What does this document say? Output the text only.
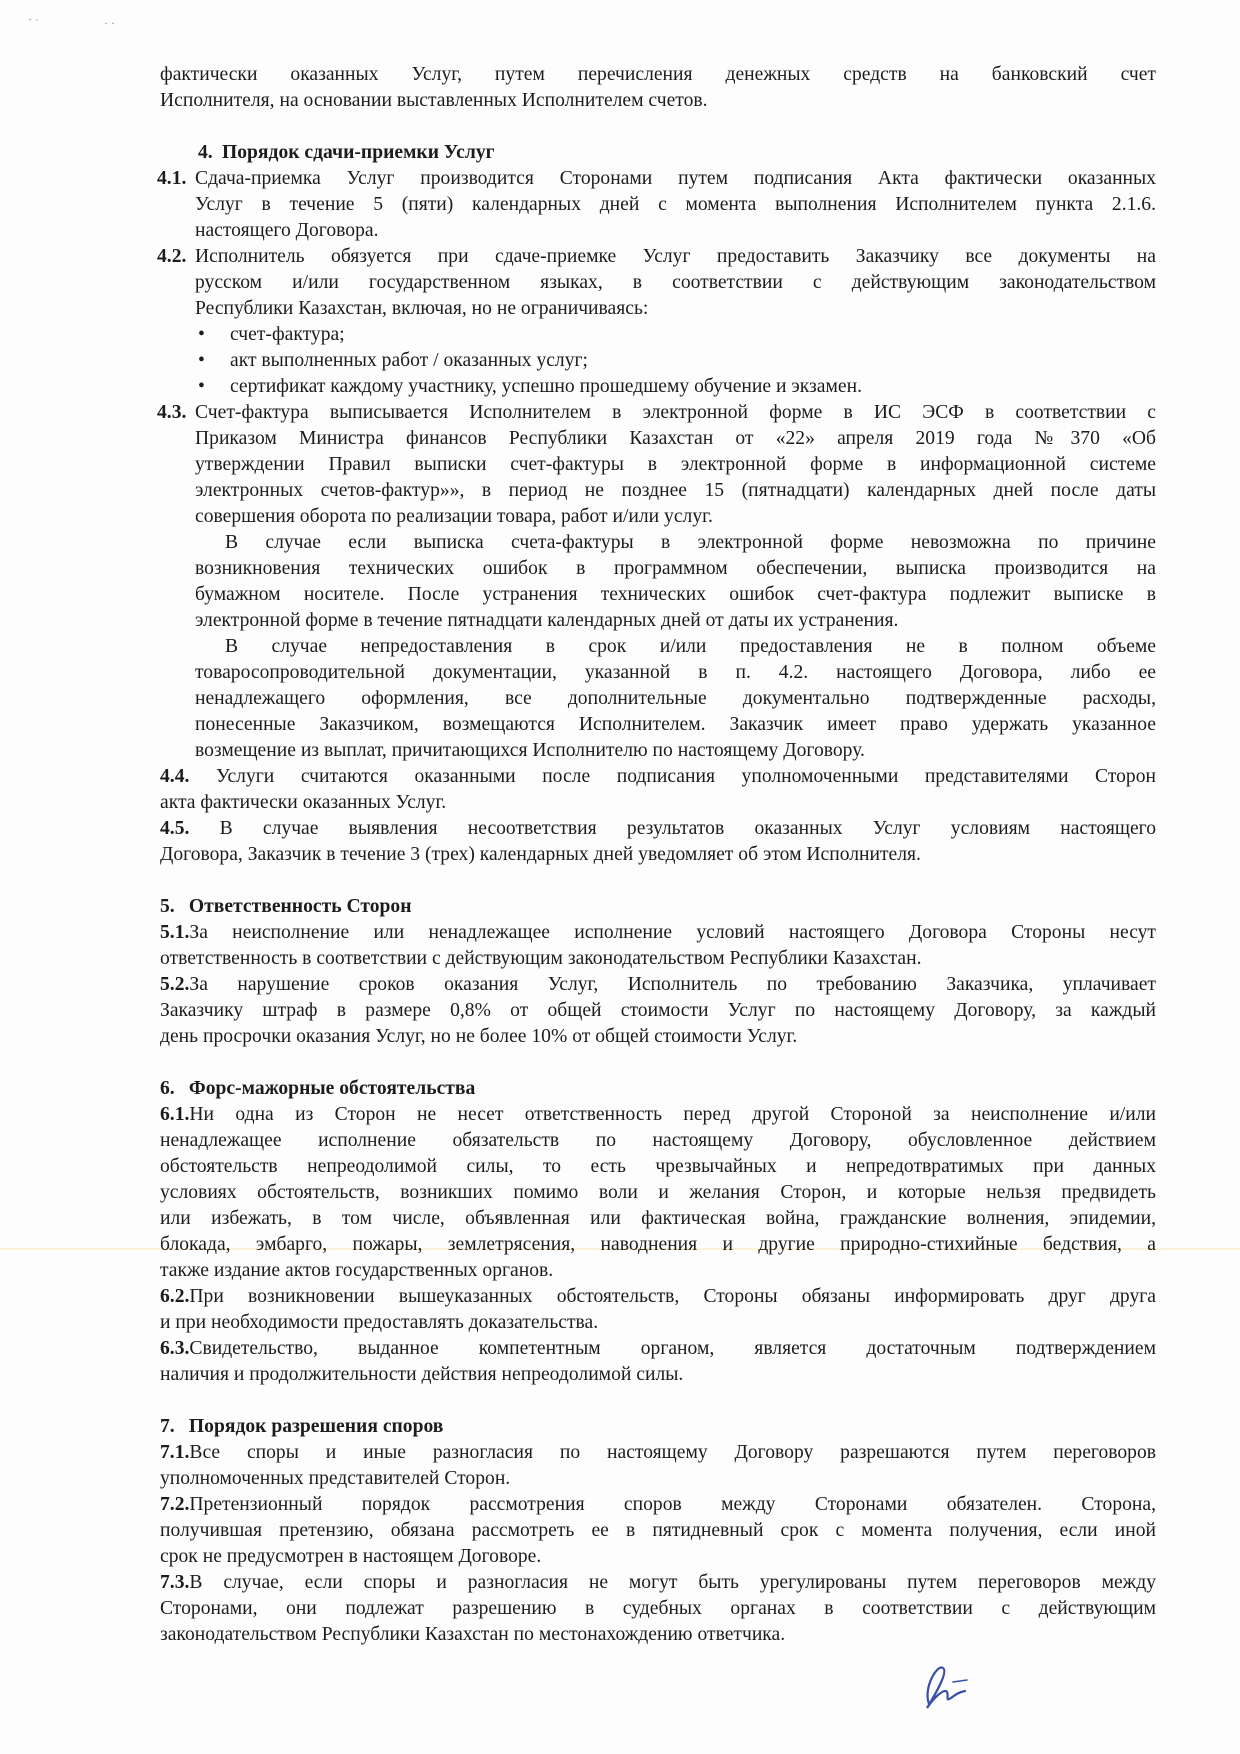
´ ˙	· ·

фактически оказанных Услуг, путем перечисления денежных средств на банковский счет

Исполнителя, на основании выставленных Исполнителем счетов.

4. Порядок сдачи-приемки Услуг

4.1. Сдача-приемка Услуг производится Сторонами путем подписания Акта фактически оказанных

Услуг в течение 5 (пяти) календарных дней с момента выполнения Исполнителем пункта 2.1.6.

настоящего Договора.

4.2. Исполнитель обязуется при сдаче-приемке Услуг предоставить Заказчику все документы на

русском и/или государственном языках, в соответствии с действующим законодательством

Республики Казахстан, включая, но не ограничиваясь:

• счет-фактура;
• акт выполненных работ / оказанных услуг;
• сертификат каждому участнику, успешно прошедшему обучение и экзамен.
4.3. Счет-фактура выписывается Исполнителем в электронной форме в ИС ЭСФ в соответствии с

Приказом Министра финансов Республики Казахстан от «22» апреля 2019 года №370 «Об

утверждении Правил выписки счет-фактуры в электронной форме в информационной системе

электронных счетов-фактур»», в период не позднее 15 (пятнадцати) календарных дней после даты

совершения оборота по реализации товара, работ и/или услуг.

В случае если выписка счета-фактуры в электронной форме невозможна по причине

возникновения технических ошибок в программном обеспечении, выписка производится на

бумажном носителе. После устранения технических ошибок счет-фактура подлежит выписке в

электронной форме в течение пятнадцати календарных дней от даты их устранения.

В случае непредоставления в срок и/или предоставления не в полном объеме

товаросопроводительной документации, указанной в п. 4.2. настоящего Договора, либо ее

ненадлежащего оформления, все дополнительные документально подтвержденные расходы,

понесенные Заказчиком, возмещаются Исполнителем. Заказчик имеет право удержать указанное

возмещение из выплат, причитающихся Исполнителю по настоящему Договору.

4.4. Услуги считаются оказанными после подписания уполномоченными представителями Сторон

акта фактически оказанных Услуг.

4.5. В случае выявления несоответствия результатов оказанных Услуг условиям настоящего

Договора, Заказчик в течение 3 (трех) календарных дней уведомляет об этом Исполнителя.

5. Ответственность Сторон

5.1.За неисполнение или ненадлежащее исполнение условий настоящего Договора Стороны несут

ответственность в соответствии с действующим законодательством Республики Казахстан.

5.2.За нарушение сроков оказания Услуг, Исполнитель по требованию Заказчика, уплачивает

Заказчику штраф в размере 0,8% от общей стоимости Услуг по настоящему Договору, за каждый

день просрочки оказания Услуг, но не более 10% от общей стоимости Услуг.

6. Форс-мажорные обстоятельства

6.1.Ни одна из Сторон не несет ответственность перед другой Стороной за неисполнение и/или

ненадлежащее исполнение обязательств по настоящему Договору, обусловленное действием

обстоятельств непреодолимой силы, то есть чрезвычайных и непредотвратимых при данных

условиях обстоятельств, возникших помимо воли и желания Сторон, и которые нельзя предвидеть

или избежать, в том числе, объявленная или фактическая война, гражданские волнения, эпидемии,

блокада, эмбарго, пожары, землетрясения, наводнения и другие природно-стихийные бедствия, а

также издание актов государственных органов.

6.2.При возникновении вышеуказанных обстоятельств, Стороны обязаны информировать друг друга

и при необходимости предоставлять доказательства.

6.3.Свидетельство, выданное компетентным органом, является достаточным подтверждением

наличия и продолжительности действия непреодолимой силы.

7. Порядок разрешения споров

7.1.Все споры и иные разногласия по настоящему Договору разрешаются путем переговоров

уполномоченных представителей Сторон.

7.2.Претензионный порядок рассмотрения споров между Сторонами обязателен. Сторона,

получившая претензию, обязана рассмотреть ее в пятидневный срок с момента получения, если иной

срок не предусмотрен в настоящем Договоре.

7.3.В случае, если споры и разногласия не могут быть урегулированы путем переговоров между

Сторонами, они подлежат разрешению в судебных органах в соответствии с действующим

законодательством Республики Казахстан по местонахождению ответчика.
